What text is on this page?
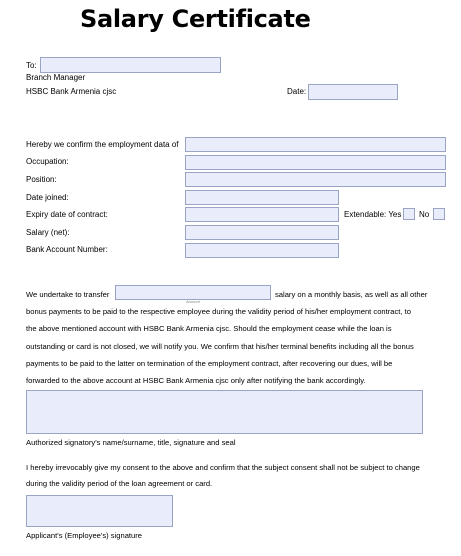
Salary Certificate
To:
Branch Manager
HSBC Bank Armenia cjsc	Date:
Hereby we confirm the employment data of
Occupation:
Position:
Date joined:
Expiry date of contract:	Extendable: Yes No
Salary (net):
Bank Account Number:
We undertake to transfer
Amount
salary on a monthly basis, as well as all other
bonus payments to be paid to the respective employee during the validity period of his/her employment contract, to
the above mentioned account with HSBC Bank Armenia cjsc. Should the employment cease while the loan is
outstanding or card is not closed, we will notify you. We confirm that his/her terminal benefits including all the bonus
payments to be paid to the latter on termination of the employment contract, after recovering our dues, will be
forwarded to the above account at HSBC Bank Armenia cjsc only after notifying the bank accordingly.
Authorized signatory's name/surname, title, signature and seal
I hereby irrevocably give my consent to the above and confirm that the subject consent shall not be subject to change
during the validity period of the loan agreement or card.
Applicant's (Employee's) signature
